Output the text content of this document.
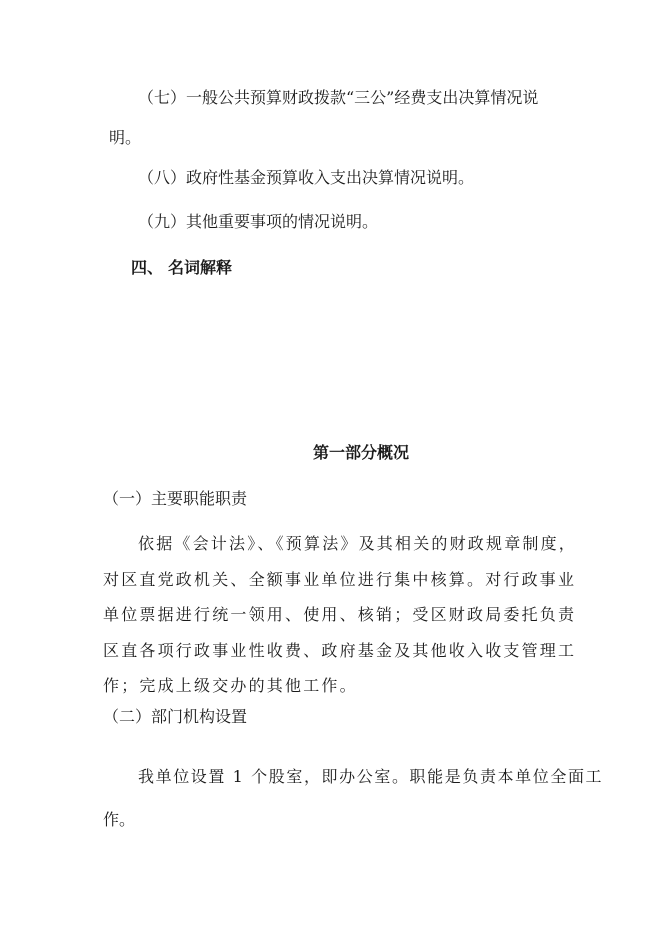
（七）一般公共预算财政拨款“三公”经费支出决算情况说
明。
（八）政府性基金预算收入支出决算情况说明。
（九）其他重要事项的情况说明。
四、 名词解释
第一部分概况
（一）主要职能职责
依据《会计法》、《预算法》及其相关的财政规章制度，
对区直党政机关、全额事业单位进行集中核算。对行政事业
单位票据进行统一领用、使用、核销；受区财政局委托负责
区直各项行政事业性收费、政府基金及其他收入收支管理工
作；完成上级交办的其他工作。
（二）部门机构设置
我单位设置 1 个股室，即办公室。职能是负责本单位全面工
作。
